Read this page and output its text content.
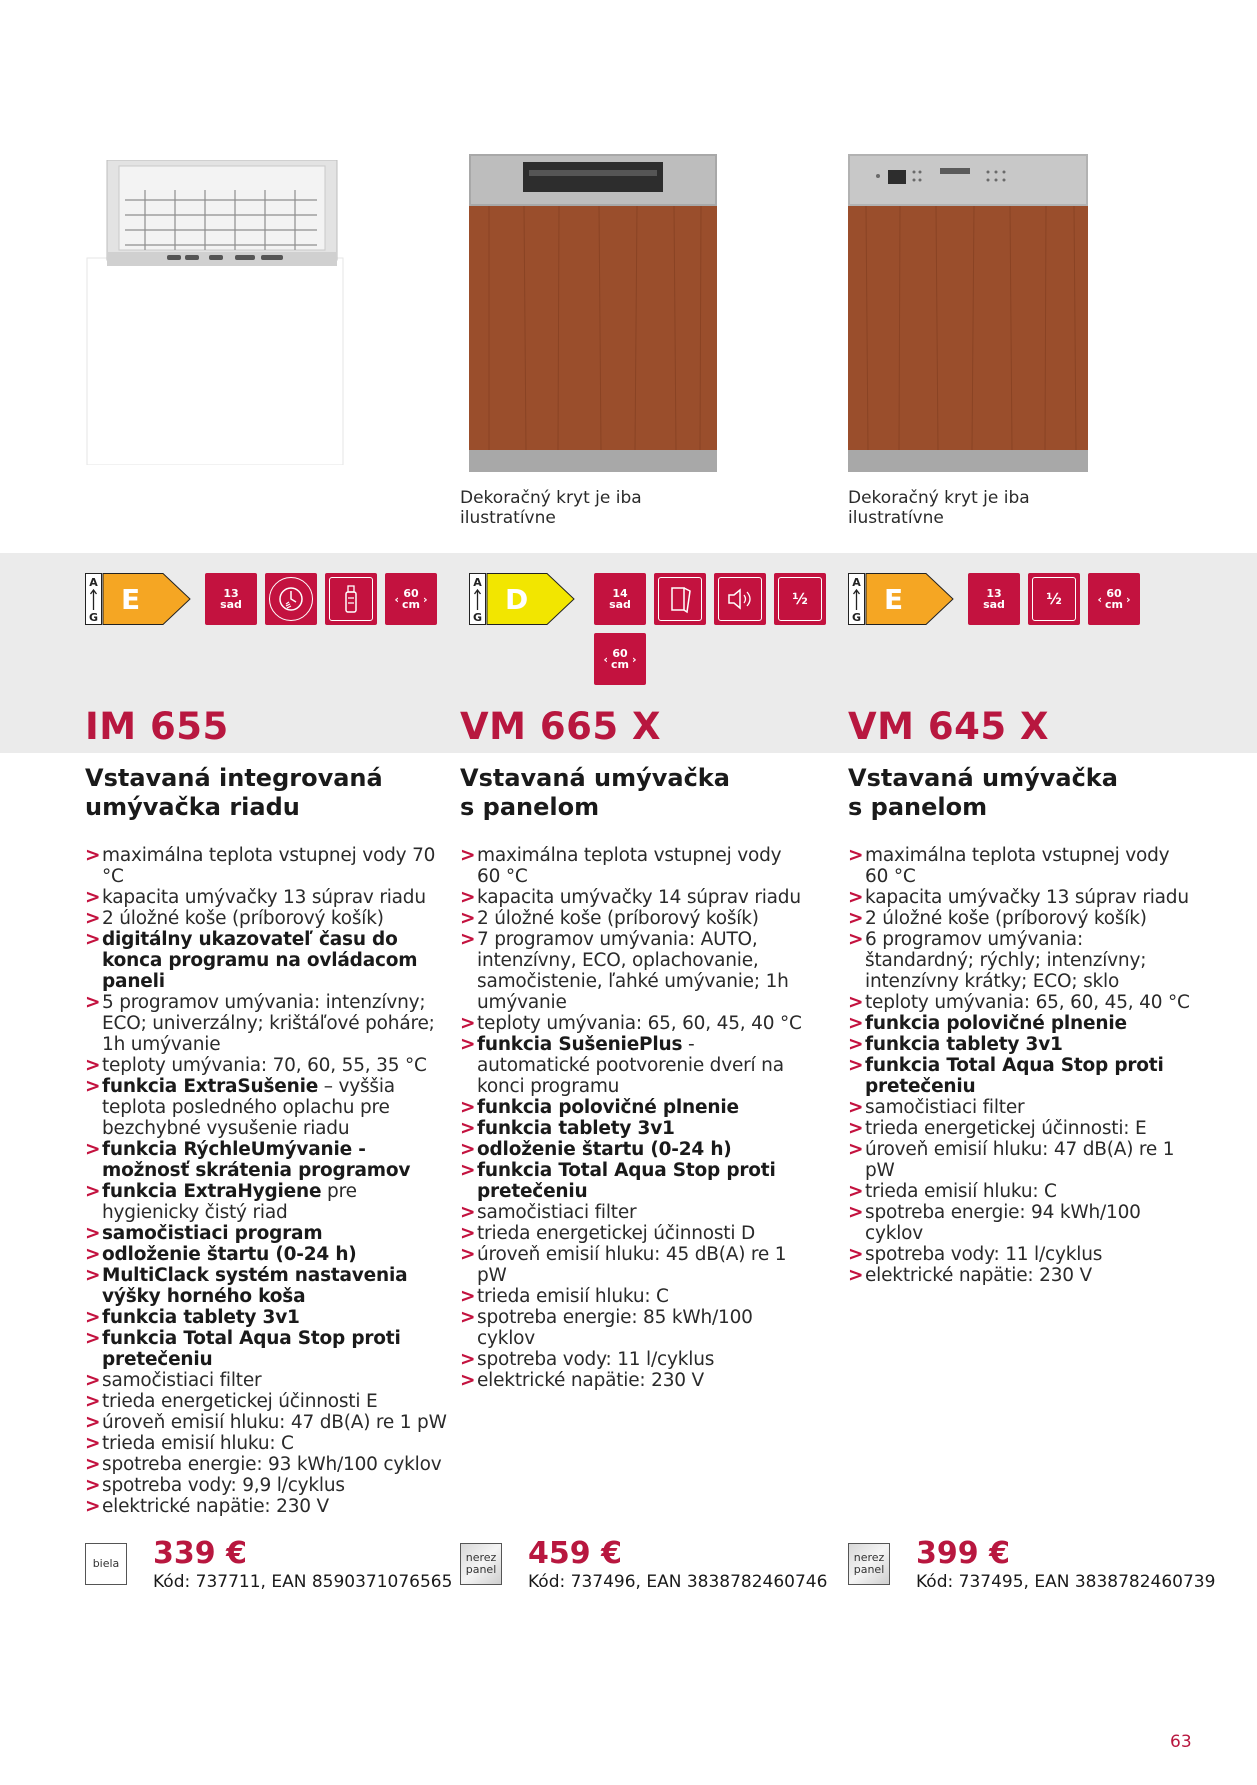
A
G
E	13
sad	‹ 60
cm ›
IM 655
Vstavaná integrovaná
umývačka riadu
> maximálna teplota vstupnej vody 70 °C
> kapacita umývačky 13 súprav riadu
> 2 úložné koše (príborový košík)
> digitálny ukazovateľ času do konca programu na ovládacom paneli
> 5 programov umývania: intenzívny; ECO; univerzálny; krištáľové poháre; 1h umývanie
> teploty umývania: 70, 60, 55, 35 °C
> funkcia ExtraSušenie – vyššia teplota posledného oplachu pre bezchybné vysušenie riadu
> funkcia RýchleUmývanie - možnosť skrátenia programov
> funkcia ExtraHygiene pre hygienicky čistý riad
> samočistiaci program
> odloženie štartu (0-24 h)
> MultiClack systém nastavenia výšky horného koša
> funkcia tablety 3v1
> funkcia Total Aqua Stop proti pretečeniu
> samočistiaci filter
> trieda energetickej účinnosti E
> úroveň emisií hluku: 47 dB(A) re 1 pW
> trieda emisií hluku: C
> spotreba energie: 93 kWh/100 cyklov
> spotreba vody: 9,9 l/cyklus
> elektrické napätie: 230 V
biela 339 €
Kód: 737711, EAN 8590371076565
Dekoračný kryt je iba ilustratívne
A
G
D	14
sad	½
‹ 60
cm ›
VM 665 X
Vstavaná umývačka
s panelom
> maximálna teplota vstupnej vody 60 °C
> kapacita umývačky 14 súprav riadu
> 2 úložné koše (príborový košík)
> 7 programov umývania: AUTO, intenzívny, ECO, oplachovanie, samočistenie, ľahké umývanie; 1h umývanie
> teploty umývania: 65, 60, 45, 40 °C
> funkcia SušeniePlus - automatické pootvorenie dverí na konci programu
> funkcia polovičné plnenie
> funkcia tablety 3v1
> odloženie štartu (0-24 h)
> funkcia Total Aqua Stop proti pretečeniu
> samočistiaci filter
> trieda energetickej účinnosti D
> úroveň emisií hluku: 45 dB(A) re 1 pW
> trieda emisií hluku: C
> spotreba energie: 85 kWh/100 cyklov
> spotreba vody: 11 l/cyklus
> elektrické napätie: 230 V
nerez panel 459 €
Kód: 737496, EAN 3838782460746
Dekoračný kryt je iba ilustratívne
A
G
E	13
sad	½	‹ 60
cm ›
VM 645 X
Vstavaná umývačka
s panelom
> maximálna teplota vstupnej vody 60 °C
> kapacita umývačky 13 súprav riadu
> 2 úložné koše (príborový košík)
> 6 programov umývania: štandardný; rýchly; intenzívny; intenzívny krátky; ECO; sklo
> teploty umývania: 65, 60, 45, 40 °C
> funkcia polovičné plnenie
> funkcia tablety 3v1
> funkcia Total Aqua Stop proti pretečeniu
> samočistiaci filter
> trieda energetickej účinnosti: E
> úroveň emisií hluku: 47 dB(A) re 1 pW
> trieda emisií hluku: C
> spotreba energie: 94 kWh/100 cyklov
> spotreba vody: 11 l/cyklus
> elektrické napätie: 230 V
nerez panel 399 €
Kód: 737495, EAN 3838782460739
63
